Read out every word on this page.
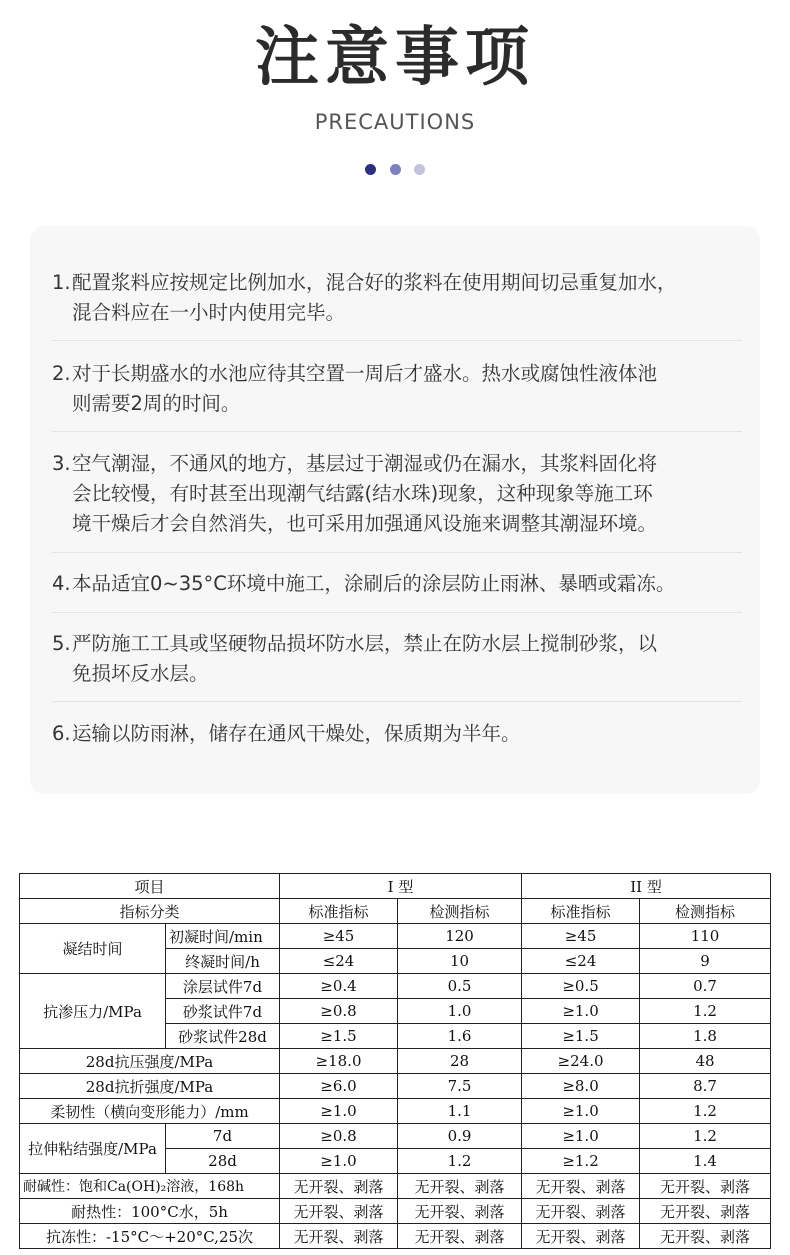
注意事项
PRECAUTIONS

1. 配置浆料应按规定比例加水，混合好的浆料在使用期间切忌重复加水，
混合料应在一小时内使用完毕。
2. 对于长期盛水的水池应待其空置一周后才盛水。热水或腐蚀性液体池
则需要2周的时间。
3. 空气潮湿，不通风的地方，基层过于潮湿或仍在漏水，其浆料固化将
会比较慢，有时甚至出现潮气结露(结水珠)现象，这种现象等施工环
境干燥后才会自然消失，也可采用加强通风设施来调整其潮湿环境。
4. 本品适宜0~35°C环境中施工，涂刷后的涂层防止雨淋、暴晒或霜冻。
5. 严防施工工具或坚硬物品损坏防水层，禁止在防水层上搅制砂浆，以
免损坏反水层。
6. 运输以防雨淋，储存在通风干燥处，保质期为半年。
项目		I 型		II 型	
指标分类		标准指标	检测指标	标准指标	检测指标
凝结时间	初凝时间/min	≥45	120	≥45	110
	终凝时间/h	≤24	10	≤24	9
抗渗压力/MPa	涂层试件7d	≥0.4	0.5	≥0.5	0.7
	砂浆试件7d	≥0.8	1.0	≥1.0	1.2
	砂浆试件28d	≥1.5	1.6	≥1.5	1.8
28d抗压强度/MPa		≥18.0	28	≥24.0	48
28d抗折强度/MPa		≥6.0	7.5	≥8.0	8.7
柔韧性（横向变形能力）/mm		≥1.0	1.1	≥1.0	1.2
拉伸粘结强度/MPa	7d	≥0.8	0.9	≥1.0	1.2
	28d	≥1.0	1.2	≥1.2	1.4
耐碱性：饱和Ca(OH)₂溶液，168h		无开裂、剥落	无开裂、剥落	无开裂、剥落	无开裂、剥落
耐热性：100°C水，5h		无开裂、剥落	无开裂、剥落	无开裂、剥落	无开裂、剥落
抗冻性：-15°C～+20°C,25次		无开裂、剥落	无开裂、剥落	无开裂、剥落	无开裂、剥落
